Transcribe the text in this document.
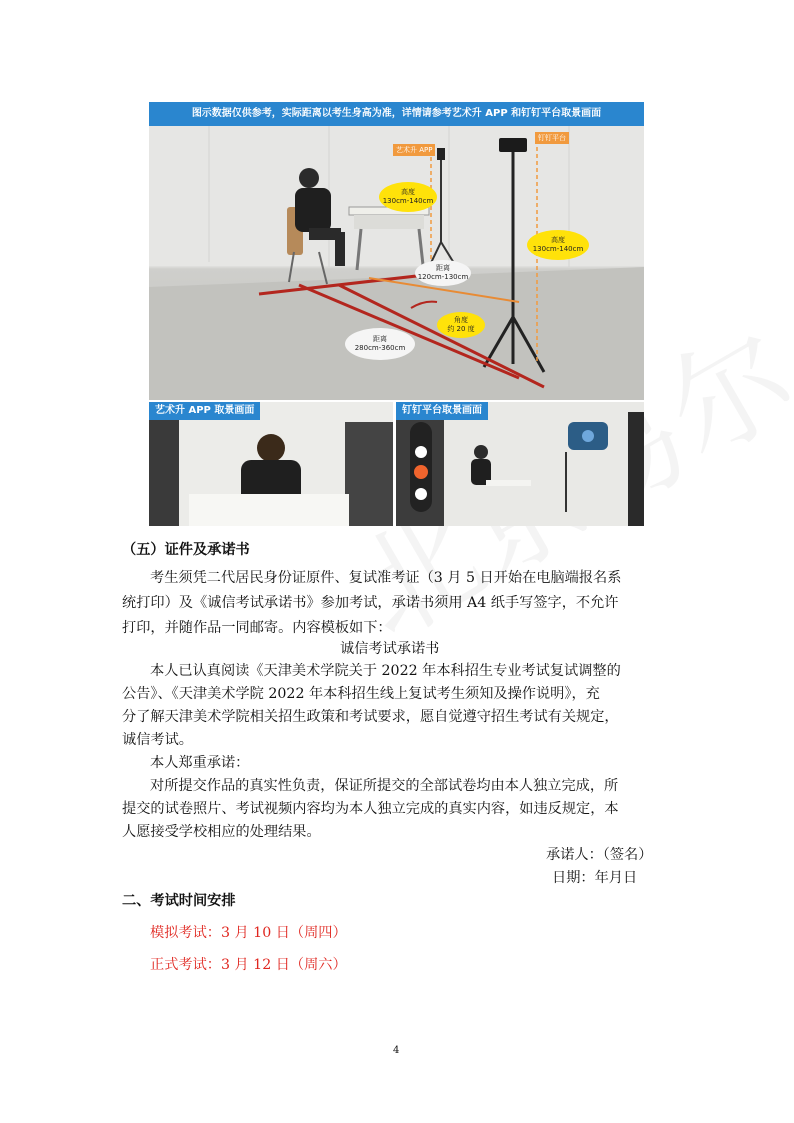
图示数据仅供参考，实际距离以考生身高为准，详情请参考艺术升 APP 和钉钉平台取景画面
艺术升 APP
钉钉平台
高度
130cm-140cm
高度
130cm-140cm
距离
120cm-130cm
角度
约 20 度
距离
280cm-360cm
艺术升 APP 取景画面	钉钉平台取景画面
（五）证件及承诺书
考生须凭二代居民身份证原件、复试准考证（3 月 5 日开始在电脑端报名系
统打印）及《诚信考试承诺书》参加考试，承诺书须用 A4 纸手写签字，不允许
打印，并随作品一同邮寄。内容模板如下：
诚信考试承诺书
本人已认真阅读《天津美术学院关于 2022 年本科招生专业考试复试调整的
公告》、《天津美术学院 2022 年本科招生线上复试考生须知及操作说明》，充
分了解天津美术学院相关招生政策和考试要求，愿自觉遵守招生考试有关规定，
诚信考试。
本人郑重承诺：
对所提交作品的真实性负责，保证所提交的全部试卷均由本人独立完成，所
提交的试卷照片、考试视频内容均为本人独立完成的真实内容，如违反规定，本
人愿接受学校相应的处理结果。
承诺人：（签名）
日期：年月日
二、考试时间安排
模拟考试：3 月 10 日（周四）
正式考试：3 月 12 日（周六）
4
